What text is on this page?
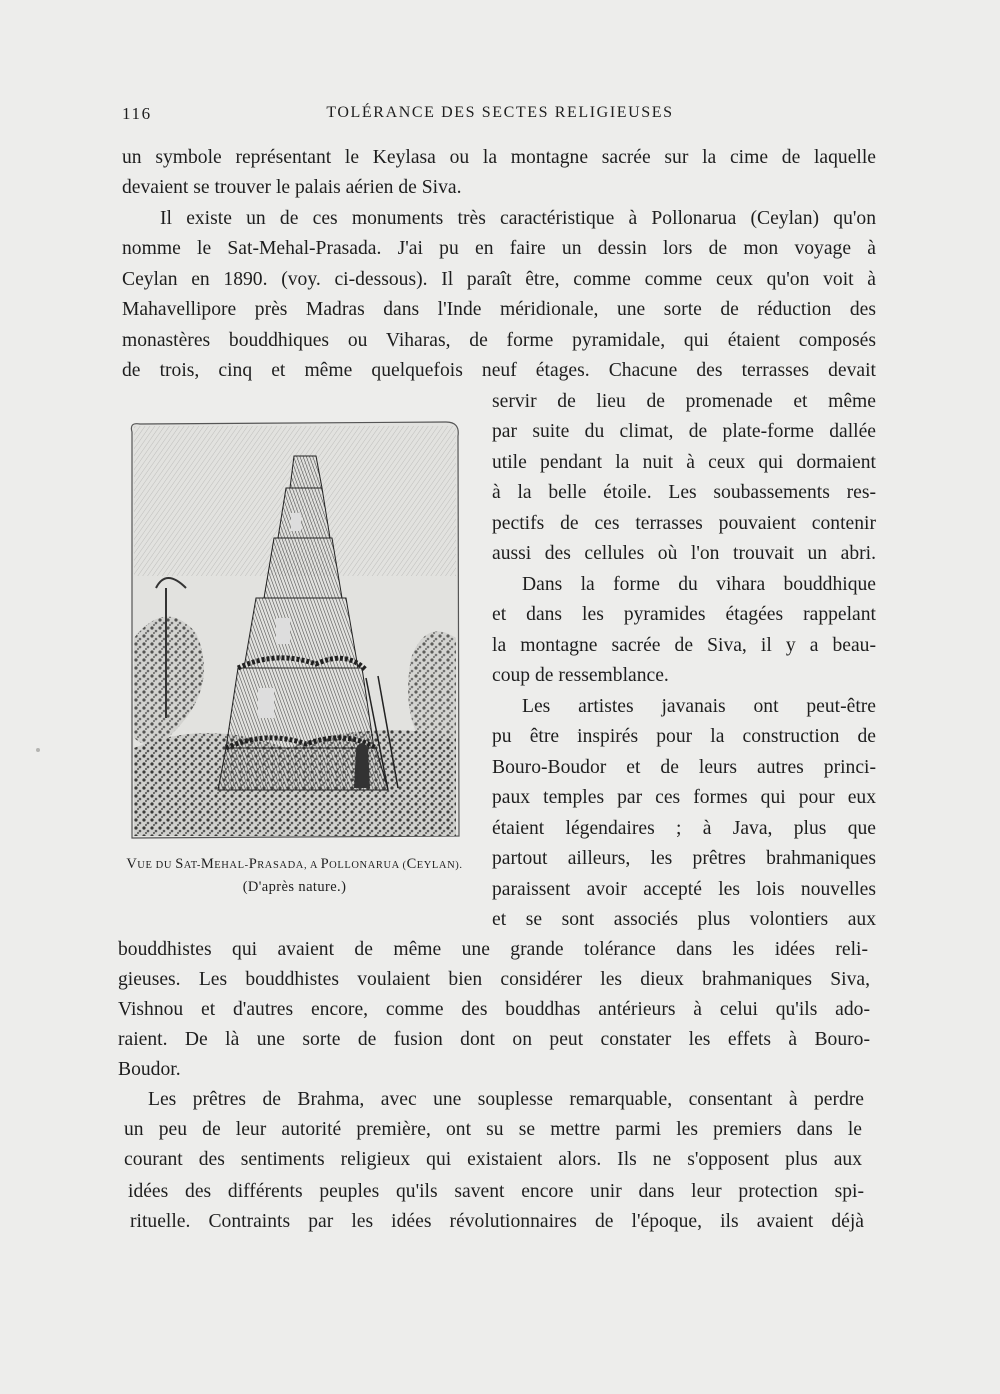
116	TOLÉRANCE DES SECTES RELIGIEUSES
un symbole représentant le Keylasa ou la montagne sacrée sur la cime de laquelle
devaient se trouver le palais aérien de Siva.
Il existe un de ces monuments très caractéristique à Pollonarua (Ceylan) qu'on
nomme le Sat-Mehal-Prasada. J'ai pu en faire un dessin lors de mon voyage à
Ceylan en 1890. (voy. ci-dessous). Il paraît être, comme comme ceux qu'on voit à
Mahavellipore près Madras dans l'Inde méridionale, une sorte de réduction des
monastères bouddhiques ou Viharas, de forme pyramidale, qui étaient composés
de trois, cinq et même quelquefois neuf étages. Chacune des terrasses devait
servir de lieu de promenade et même
par suite du climat, de plate-forme dallée
utile pendant la nuit à ceux qui dormaient
à la belle étoile. Les soubassements res-
pectifs de ces terrasses pouvaient contenir
aussi des cellules où l'on trouvait un abri.
Dans la forme du vihara bouddhique
et dans les pyramides étagées rappelant
la montagne sacrée de Siva, il y a beau-
coup de ressemblance.
Les artistes javanais ont peut-être
pu être inspirés pour la construction de
Bouro-Boudor et de leurs autres princi-
paux temples par ces formes qui pour eux
étaient légendaires ; à Java, plus que
partout ailleurs, les prêtres brahmaniques
paraissent avoir accepté les lois nouvelles
et se sont associés plus volontiers aux
bouddhistes qui avaient de même une grande tolérance dans les idées reli-
gieuses. Les bouddhistes voulaient bien considérer les dieux brahmaniques Siva,
Vishnou et d'autres encore, comme des bouddhas antérieurs à celui qu'ils ado-
raient. De là une sorte de fusion dont on peut constater les effets à Bouro-
Boudor.
Les prêtres de Brahma, avec une souplesse remarquable, consentant à perdre
un peu de leur autorité première, ont su se mettre parmi les premiers dans le
courant des sentiments religieux qui existaient alors. Ils ne s'opposent plus aux
idées des différents peuples qu'ils savent encore unir dans leur protection spi-
rituelle. Contraints par les idées révolutionnaires de l'époque, ils avaient déjà
VUE DU SAT-MEHAL-PRASADA, A POLLONARUA (CEYLAN).
(D'après nature.)
